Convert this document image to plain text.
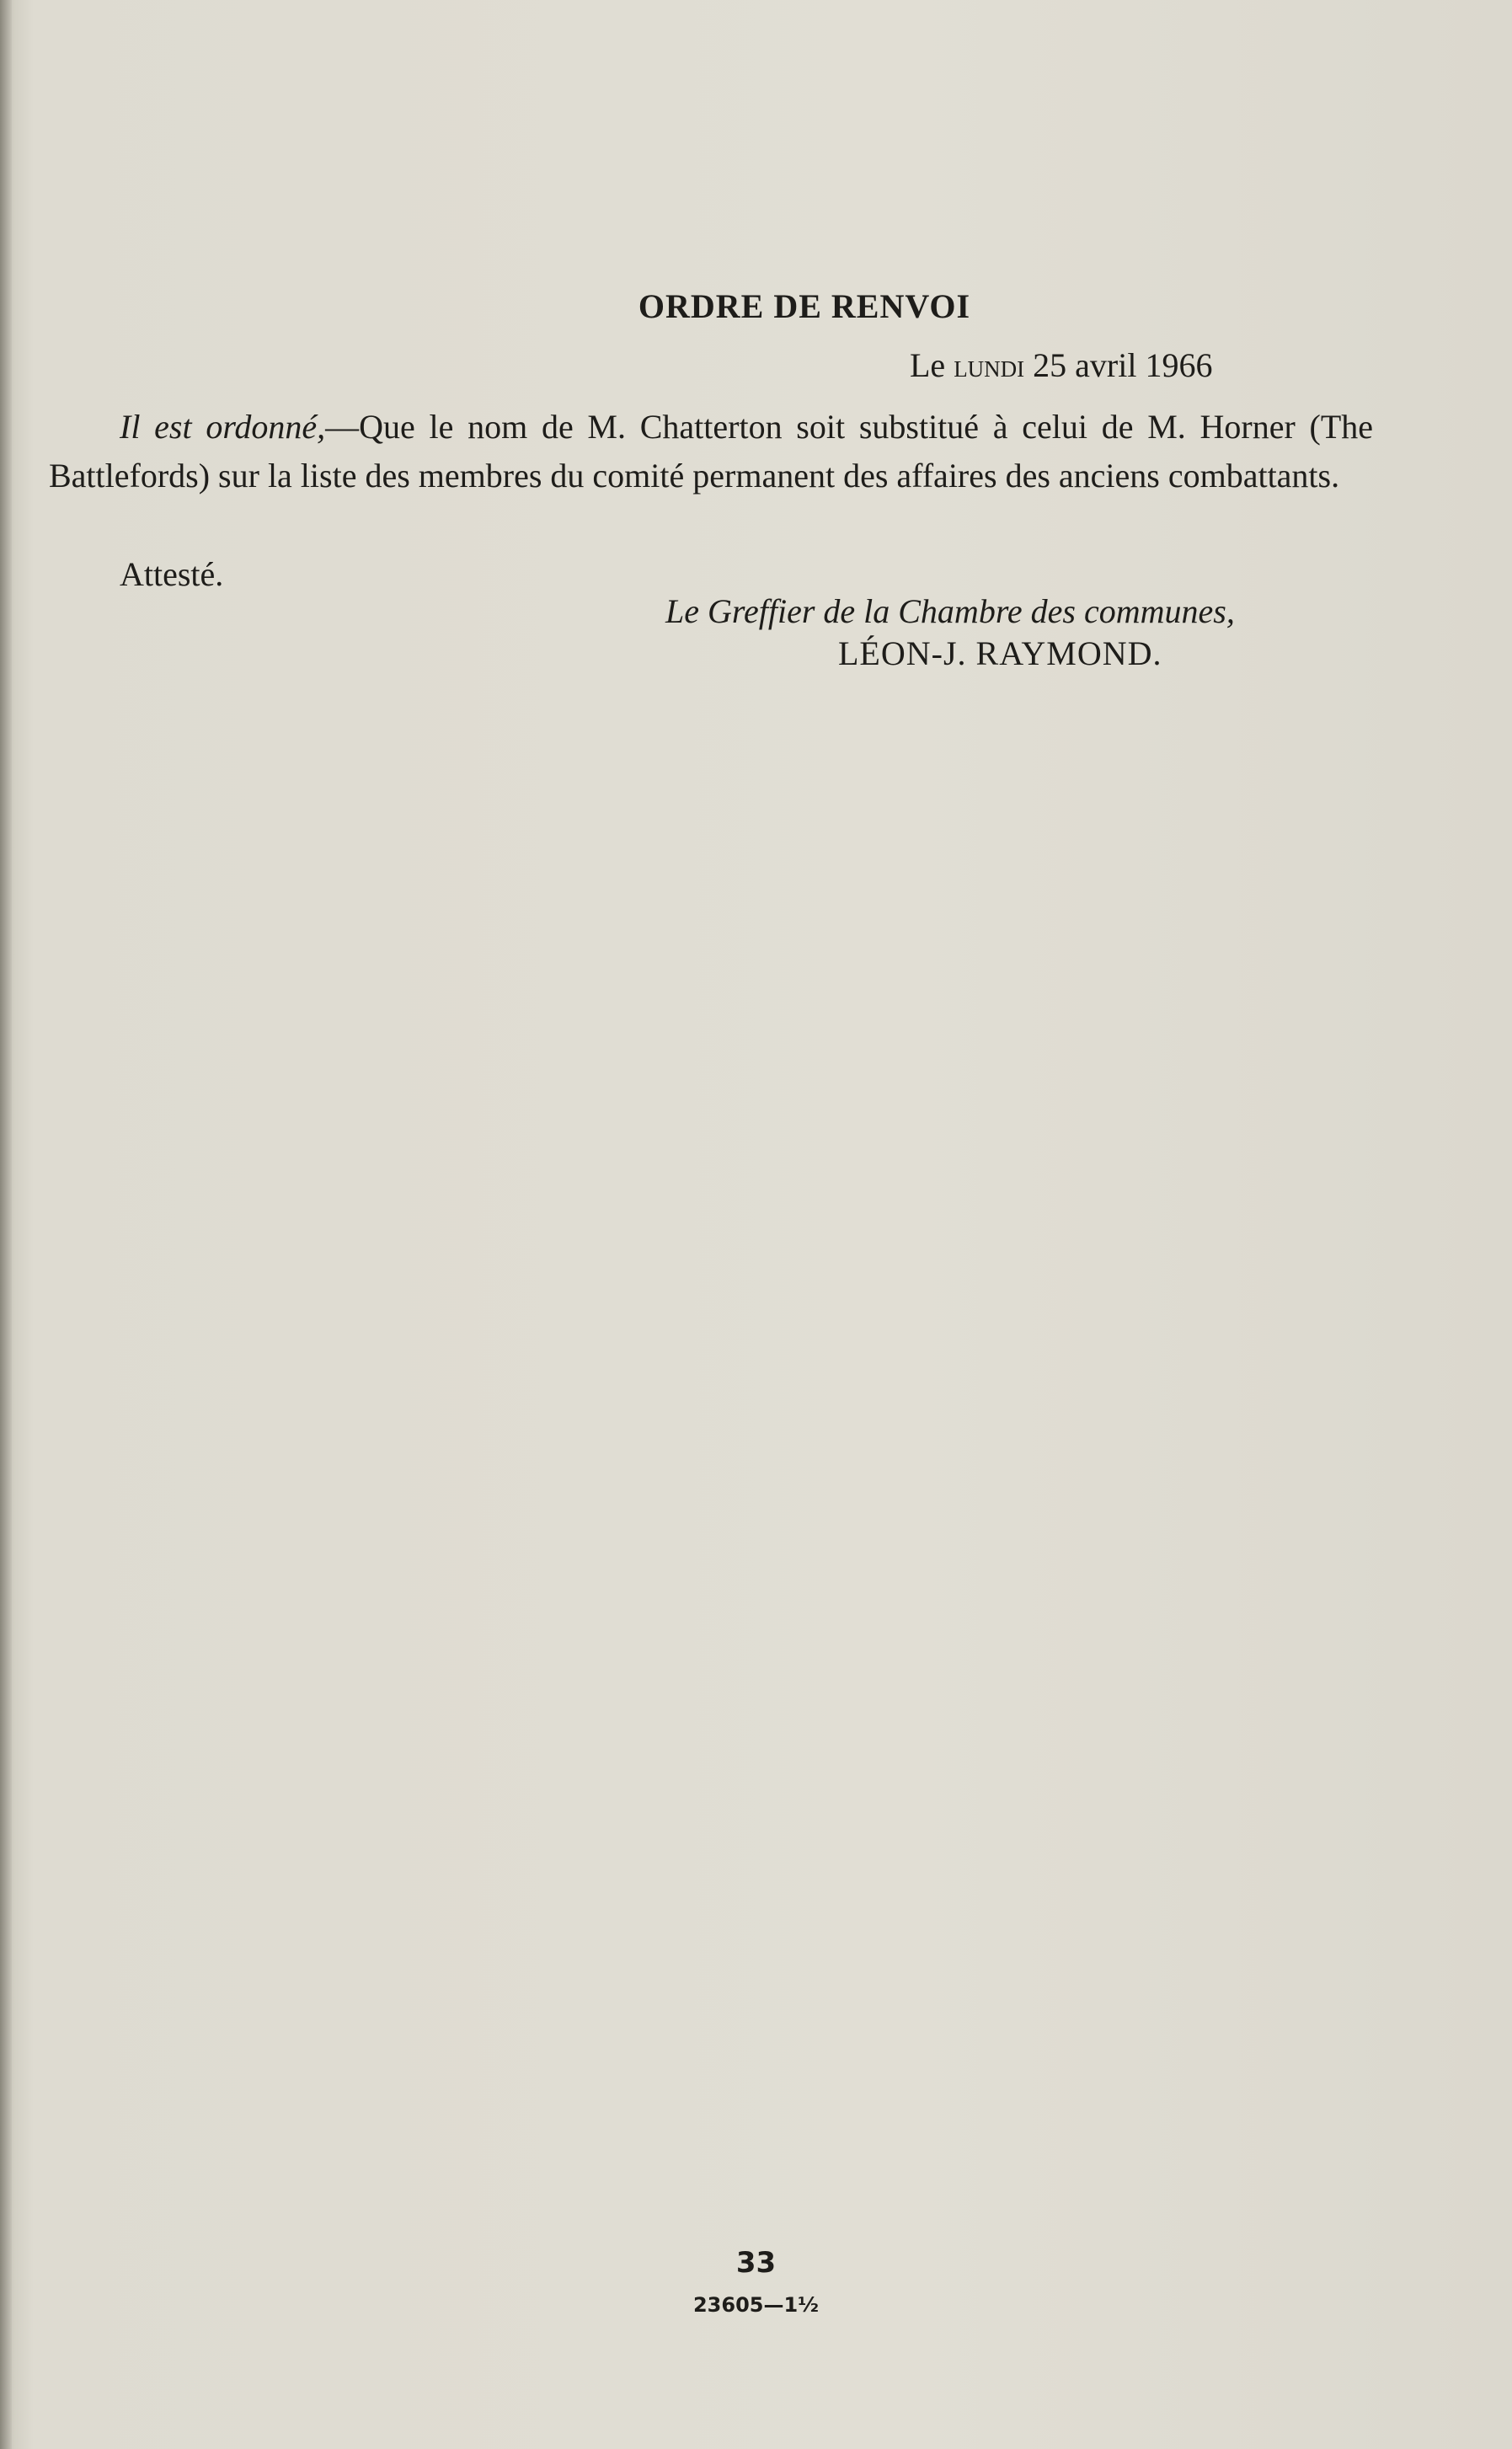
ORDRE DE RENVOI
Le lundi 25 avril 1966

Il est ordonné,—Que le nom de M. Chatterton soit substitué à celui de M. Horner (The Battlefords) sur la liste des membres du comité permanent des affaires des anciens combattants.

Attesté.
Le Greffier de la Chambre des communes,
LÉON-J. RAYMOND.
33
23605—1½
